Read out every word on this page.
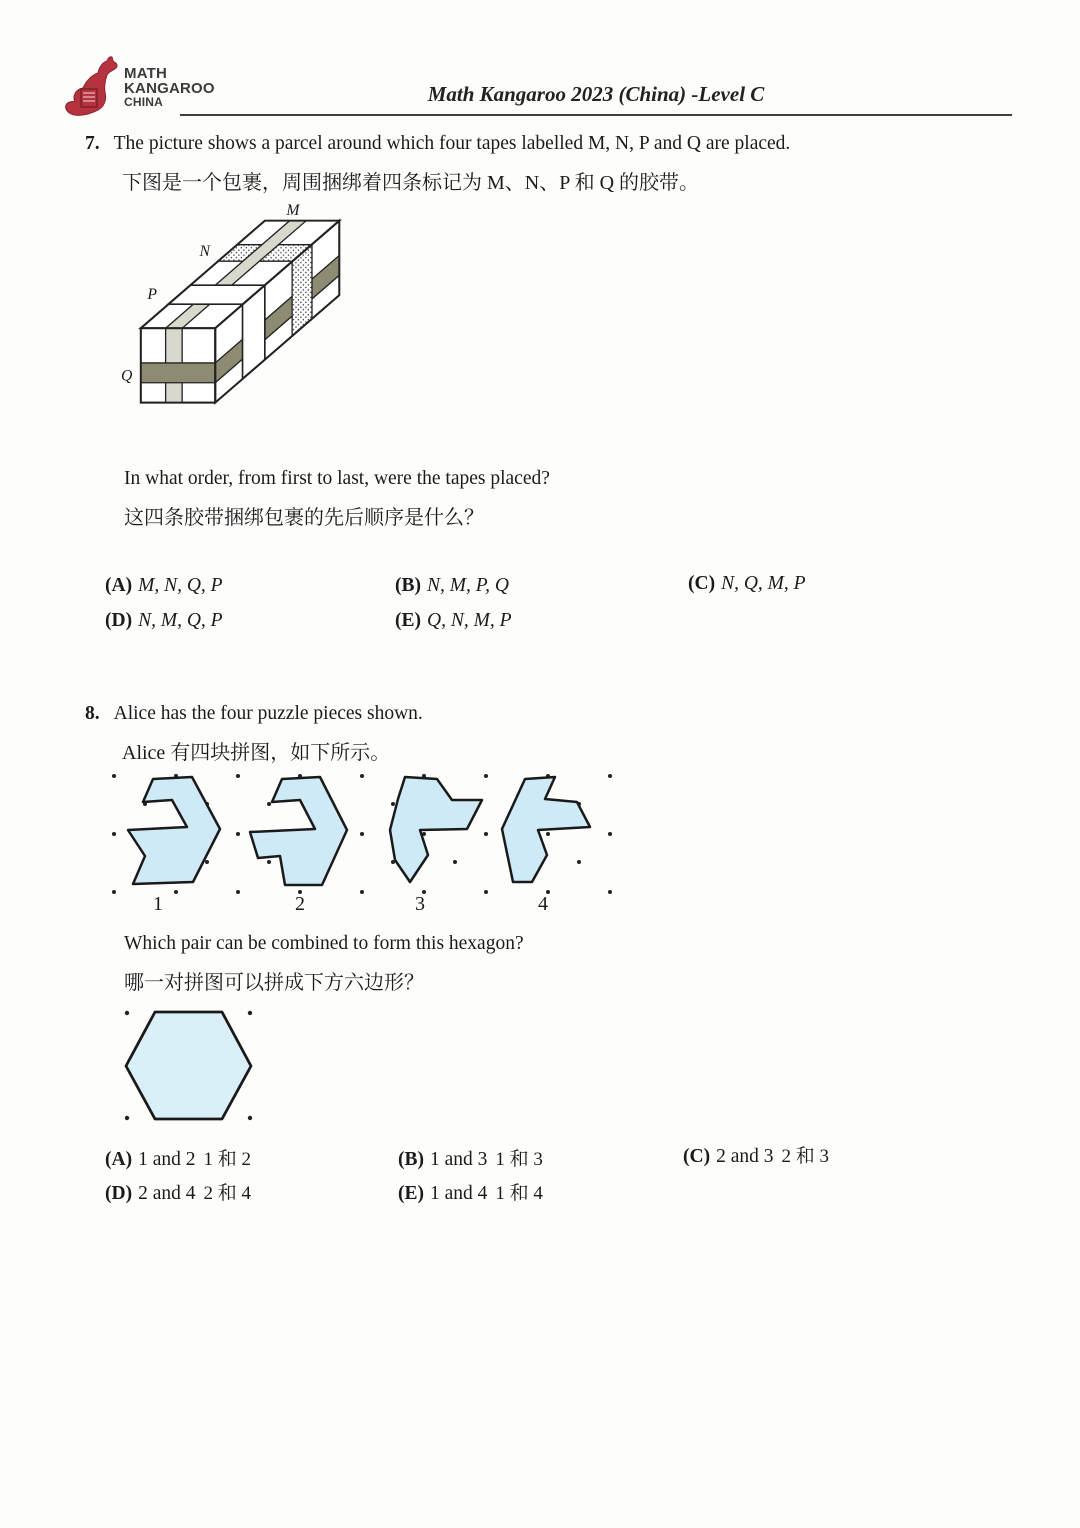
MATH
KANGAROO
CHINA	Math Kangaroo 2023 (China) -Level C
7. The picture shows a parcel around which four tapes labelled M, N, P and Q are placed.
下图是一个包裹，周围捆绑着四条标记为 M、N、P 和 Q 的胶带。
M
N
P
Q
In what order, from first to last, were the tapes placed?
这四条胶带捆绑包裹的先后顺序是什么？
(A) M, N, Q, P	(B) N, M, P, Q	(C) N, Q, M, P
(D) N, M, Q, P	(E) Q, N, M, P
8. Alice has the four puzzle pieces shown.
Alice 有四块拼图，如下所示。
1	2	3	4
Which pair can be combined to form this hexagon?
哪一对拼图可以拼成下方六边形？
(A) 1 and 2 1 和 2	(B) 1 and 3 1 和 3	(C) 2 and 3 2 和 3
(D) 2 and 4 2 和 4	(E) 1 and 4 1 和 4
